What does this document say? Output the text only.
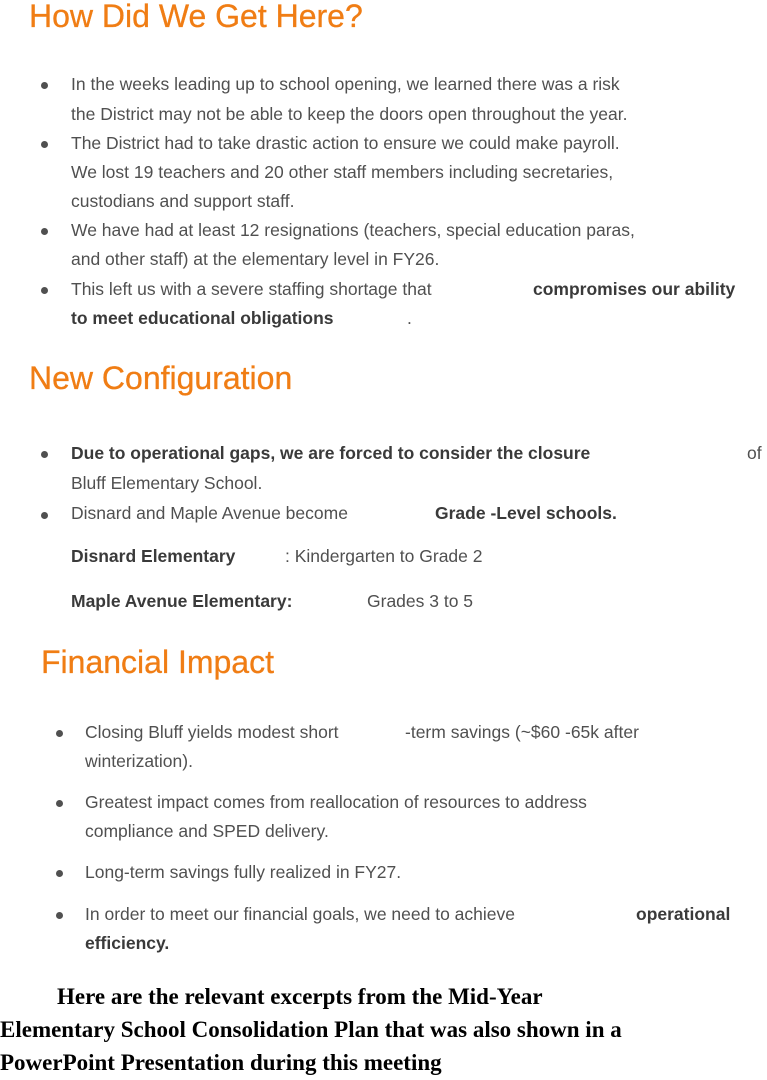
How Did We Get Here?
In the weeks leading up to school opening, we learned there was a risk
the District may not be able to keep the doors open throughout the year.
The District had to take drastic action to ensure we could make payroll.
We lost 19 teachers and 20 other staff members including secretaries,
custodians and support staff.
We have had at least 12 resignations (teachers, special education paras,
and other staff) at the elementary level in FY26.
This left us with a severe staffing shortage that	compromises our ability
to meet educational obligations	.
New Configuration
Due to operational gaps, we are forced to consider the closure	of
Bluff Elementary School.
Disnard and Maple Avenue become	Grade -Level schools.
Disnard Elementary	: Kindergarten to Grade 2
Maple Avenue Elementary:	Grades 3 to 5
Financial Impact
Closing Bluff yields modest short	-term savings (~$60 -65k after
winterization).
Greatest impact comes from reallocation of resources to address
compliance and SPED delivery.
Long-term savings fully realized in FY27.
In order to meet our financial goals, we need to achieve	operational
efficiency.
Here are the relevant excerpts from the Mid-Year
Elementary School Consolidation Plan that was also shown in a
PowerPoint Presentation during this meeting
